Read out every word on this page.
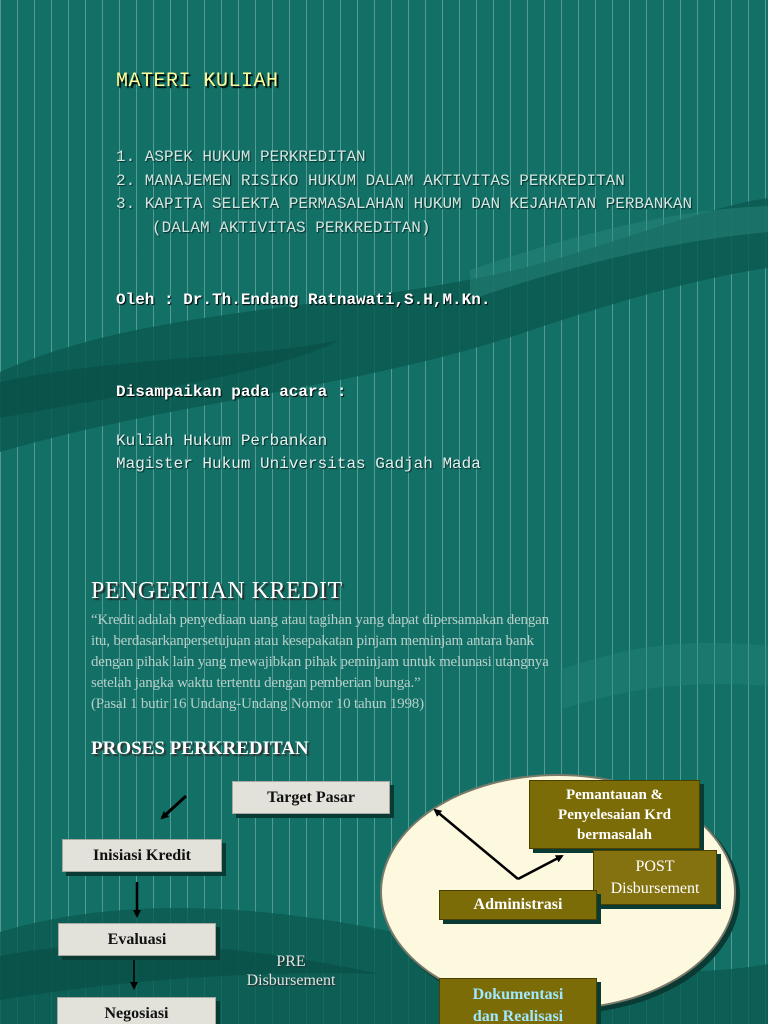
MATERI KULIAH
1. ASPEK HUKUM PERKREDITAN
2. MANAJEMEN RISIKO HUKUM DALAM AKTIVITAS PERKREDITAN
3. KAPITA SELEKTA PERMASALAHAN HUKUM DAN KEJAHATAN PERBANKAN (DALAM AKTIVITAS PERKREDITAN)
Oleh : Dr.Th.Endang Ratnawati,S.H,M.Kn.
Disampaikan pada acara :
Kuliah Hukum Perbankan
Magister Hukum Universitas Gadjah Mada
PENGERTIAN KREDIT
“Kredit adalah penyediaan uang atau tagihan yang dapat dipersamakan dengan
itu, berdasarkanpersetujuan atau kesepakatan pinjam meminjam antara bank
dengan pihak lain yang mewajibkan pihak peminjam untuk melunasi utangnya
setelah jangka waktu tertentu dengan pemberian bunga.”
(Pasal 1 butir 16 Undang-Undang Nomor 10 tahun 1998)
PROSES PERKREDITAN
Target Pasar
Inisiasi Kredit
Evaluasi
Negosiasi
PRE
Disbursement
Pemantauan &
Penyelesaian Krd
bermasalah
POST
Disbursement
Administrasi
Dokumentasi
dan Realisasi
